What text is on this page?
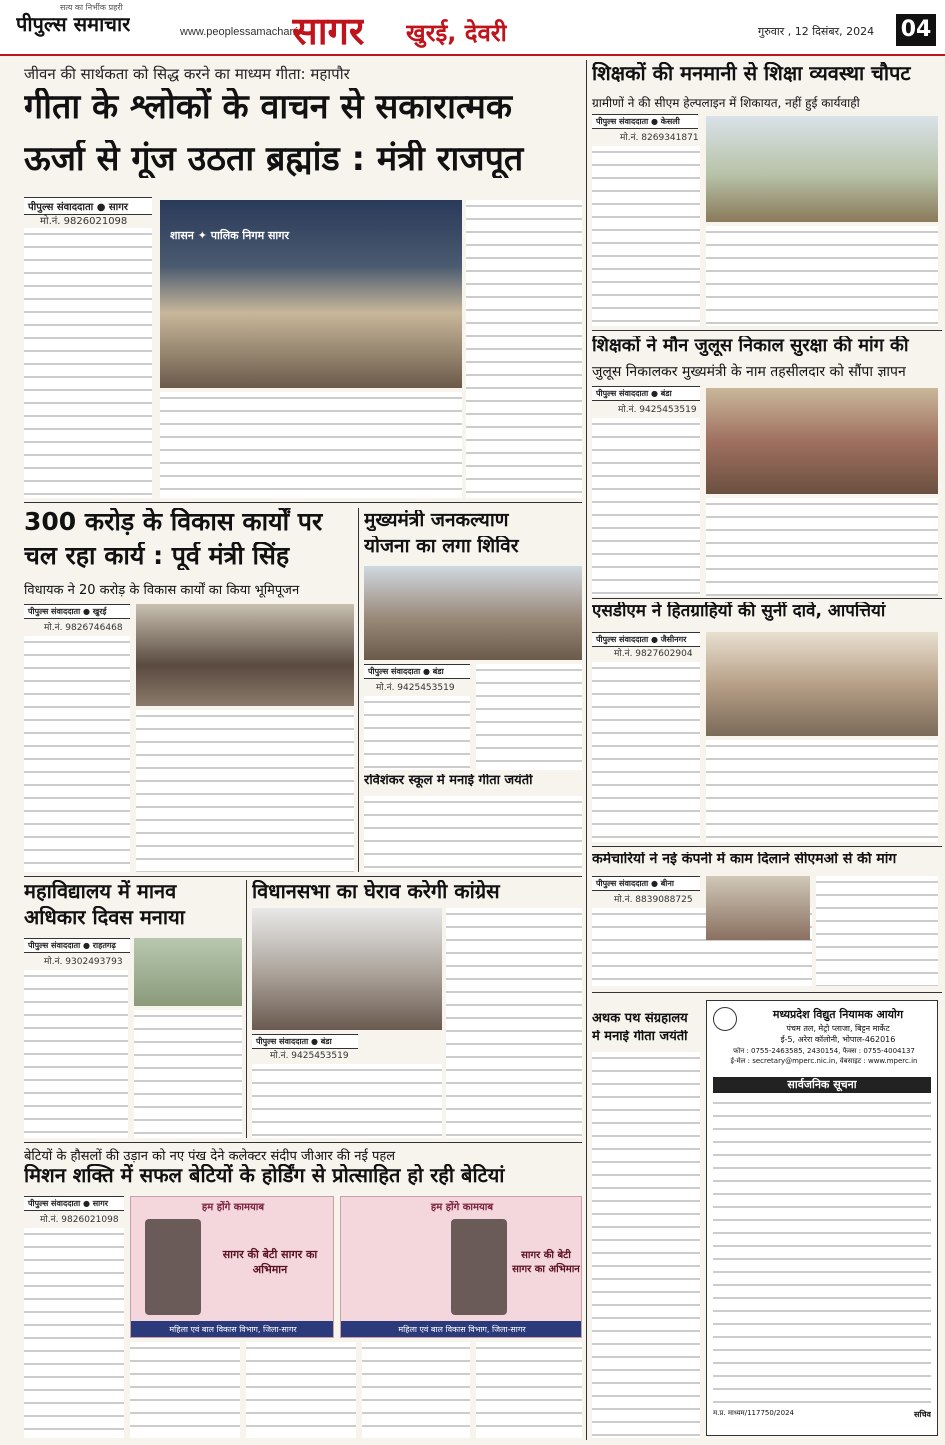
सत्य का निर्भीक प्रहरी
पीपुल्स समाचार	www.peoplessamachar.in
सागर खुरई, देवरी	गुरुवार , 12 दिसंबर, 2024 04
जीवन की सार्थकता को सिद्ध करने का माध्यम गीता: महापौर
गीता के श्लोकों के वाचन से सकारात्मक
ऊर्जा से गूंज उठता ब्रह्मांड : मंत्री राजपूत
पीपुल्स संवाददाता ● सागर
मो.नं. 9826021098
शासन ✦ पालिक निगम सागर
शिक्षकों की मनमानी से शिक्षा व्यवस्था चौपट
ग्रामीणों ने की सीएम हेल्पलाइन में शिकायत, नहीं हुई कार्यवाही
पीपुल्स संवाददाता ● केसली
मो.नं. 8269341871
शिक्षकों ने मौन जुलूस निकाल सुरक्षा की मांग की
जुलूस निकालकर मुख्यमंत्री के नाम तहसीलदार को सौंपा ज्ञापन
पीपुल्स संवाददाता ● बंडा
मो.नं. 9425453519
एसडीएम ने हितग्राहियों की सुनीं दावे, आपत्तियां
पीपुल्स संवाददाता ● जैसीनगर
मो.नं. 9827602904
कर्मचारियों ने नई कंपनी में काम दिलाने सीएमओ से की मांग
पीपुल्स संवाददाता ● बीना
मो.नं. 8839088725
अथक पथ संग्रहालय
में मनाई गीता जयंती
मध्यप्रदेश विद्युत नियामक आयोग
पंचम तल, मेट्रो प्लाजा, बिट्टन मार्केट
ई-5, अरेरा कॉलोनी, भोपाल-462016
फोन : 0755-2463585, 2430154, फैक्स : 0755-4004137
ई-मेल : secretary@mperc.nic.in, वेबसाइट : www.mperc.in
सार्वजनिक सूचना
म.प्र. माध्यम/117750/2024	सचिव
300 करोड़ के विकास कार्यों पर
चल रहा कार्य : पूर्व मंत्री सिंह
विधायक ने 20 करोड़ के विकास कार्यों का किया भूमिपूजन
पीपुल्स संवाददाता ● खुरई
मो.नं. 9826746468
मुख्यमंत्री जनकल्याण
योजना का लगा शिविर
पीपुल्स संवाददाता ● बंडा
मो.नं. 9425453519
रविशंकर स्कूल में मनाई गीता जयंती
महाविद्यालय में मानव
अधिकार दिवस मनाया
पीपुल्स संवाददाता ● राहतगढ़
मो.नं. 9302493793
विधानसभा का घेराव करेगी कांग्रेस
पीपुल्स संवाददाता ● बंडा
मो.नं. 9425453519
बेटियों के हौसलों की उड़ान को नए पंख देने कलेक्टर संदीप जीआर की नई पहल
मिशन शक्ति में सफल बेटियों के होर्डिंग से प्रोत्साहित हो रही बेटियां
पीपुल्स संवाददाता ● सागर
मो.नं. 9826021098
हम होंगे कामयाब
सागर की बेटी सागर का अभिमान
महिला एवं बाल विकास विभाग, जिला-सागर
हम होंगे कामयाब
सागर की बेटी सागर का अभिमान
महिला एवं बाल विकास विभाग, जिला-सागर
